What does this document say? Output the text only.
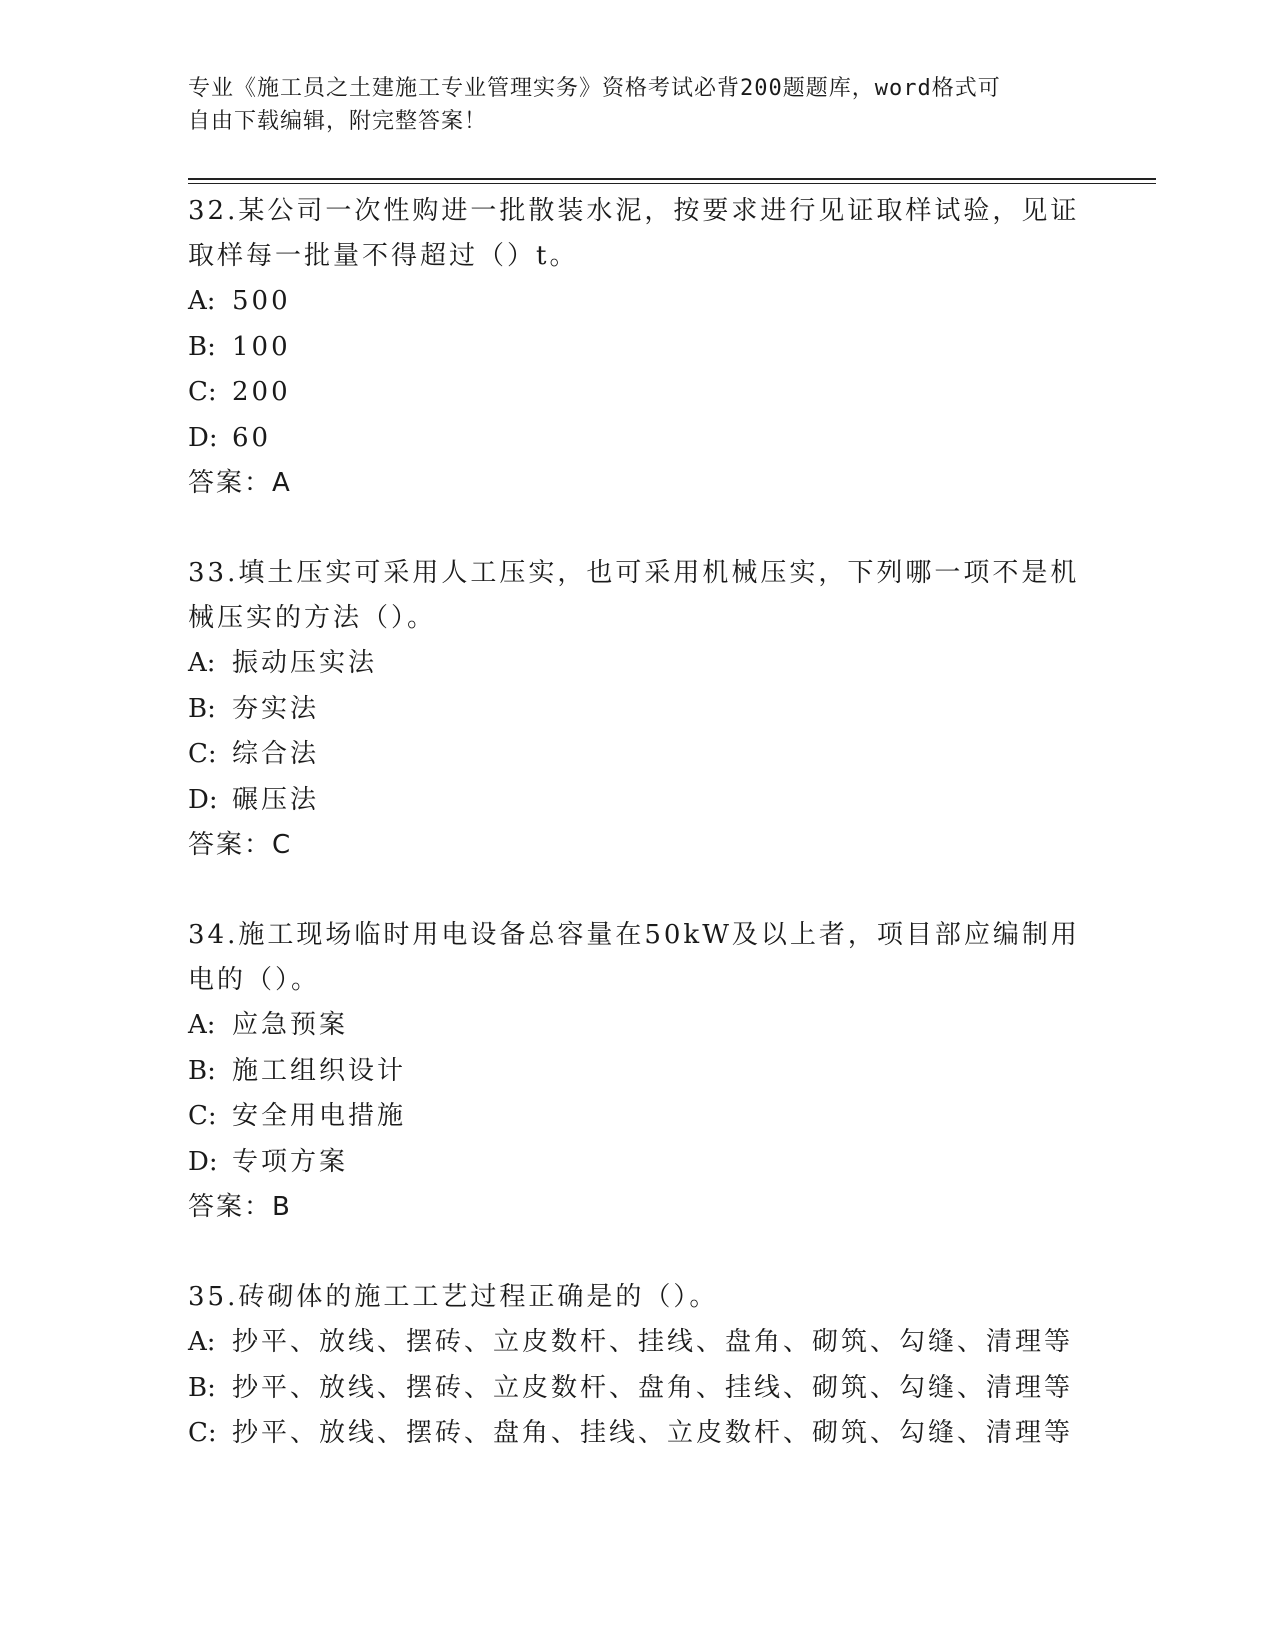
专业《施工员之土建施工专业管理实务》资格考试必背200题题库，word格式可
自由下载编辑，附完整答案！
32.某公司一次性购进一批散装水泥，按要求进行见证取样试验，见证取样每一批量不得超过（）t。
A: 500
B: 100
C: 200
D: 60
答案：A
33.填土压实可采用人工压实，也可采用机械压实，下列哪一项不是机械压实的方法（）。
A: 振动压实法
B: 夯实法
C: 综合法
D: 碾压法
答案：C
34.施工现场临时用电设备总容量在50kW及以上者，项目部应编制用电的（）。
A: 应急预案
B: 施工组织设计
C: 安全用电措施
D: 专项方案
答案：B
35.砖砌体的施工工艺过程正确是的（）。
A: 抄平、放线、摆砖、立皮数杆、挂线、盘角、砌筑、勾缝、清理等
B: 抄平、放线、摆砖、立皮数杆、盘角、挂线、砌筑、勾缝、清理等
C: 抄平、放线、摆砖、盘角、挂线、立皮数杆、砌筑、勾缝、清理等
